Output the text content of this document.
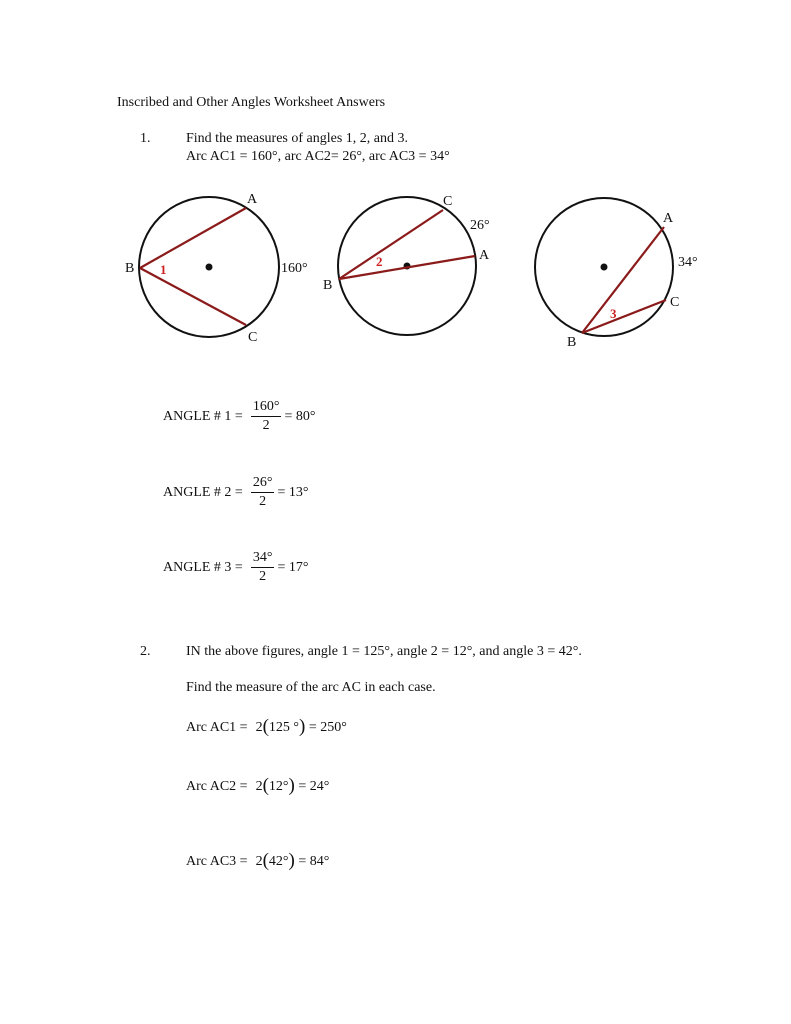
Inscribed and Other Angles Worksheet Answers
1.	Find the measures of angles 1, 2, and 3.
Arc AC1 = 160°, arc AC2= 26°, arc AC3 = 34°
A
B
C
160°
1
C
B
A
26°
2
A
B
C
34°
3
ANGLE # $1 = \frac{160^\circ}{2} = 80^\circ$
ANGLE # $2 = \frac{26^\circ}{2} = 13^\circ$
ANGLE # $3 = \frac{34^\circ}{2} = 17^\circ$
2.	IN the above figures, angle 1 = 125°, angle 2 = 12°, and angle 3 = 42°.
Find the measure of the arc AC in each case.
Arc AC1 = 2(125 °) = 250°
Arc AC2 = 2(12°) = 24°
Arc AC3 = 2(42°) = 84°
